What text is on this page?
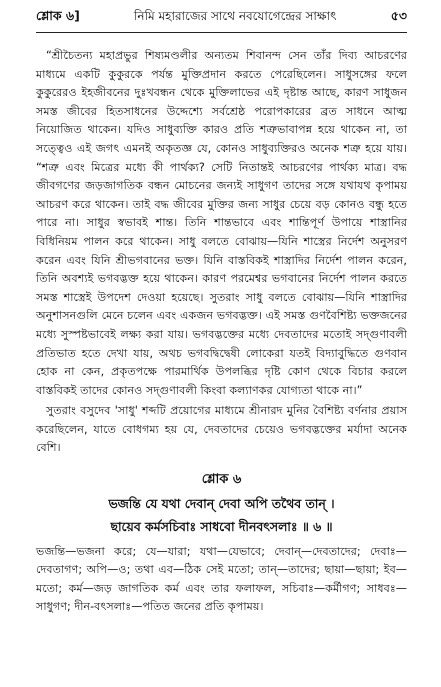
শ্লোক ৬]	নিমি মহারাজের সাথে নবযোগেন্দ্রের সাক্ষাৎ	৫৩
“শ্রীচৈতন্য মহাপ্রভুর শিষ্যমণ্ডলীর অন্যতম শিবানন্দ সেন তাঁর দিব্য আচরণের মাধ্যমে একটি কুকুরকে পর্যন্ত মুক্তিপ্রদান করতে পেরেছিলেন। সাধুসঙ্গের ফলে কুকুরেরও ইহজীবনের দুঃখবন্ধন থেকে মুক্তিলাভের এই দৃষ্টান্ত আছে, কারণ সাধুজন সমস্ত জীবের হিতসাধনের উদ্দেশ্যে সর্বশ্রেষ্ঠ পরোপকারের ব্রত সাধনে আত্ম নিয়োজিত থাকেন। যদিও সাধুব্যক্তি কারও প্রতি শত্রুভাবাপন্ন হয়ে থাকেন না, তা সত্ত্বেও এই জগৎ এমনই অকৃতজ্ঞ যে, কোনও সাধুব্যক্তিরও অনেক শত্রু হয়ে যায়। “শত্রু এবং মিত্রের মধ্যে কী পার্থক্য? সেটি নিতান্তই আচরণের পার্থক্য মাত্র। বদ্ধ জীবগণের জড়জাগতিক বন্ধন মোচনের জন্যই সাধুগণ তাদের সঙ্গে যথাযথ কৃপাময় আচরণ করে থাকেন। তাই বদ্ধ জীবের মুক্তির জন্য সাধুর চেয়ে বড় কোনও বন্ধু হতে পারে না। সাধুর স্বভাবই শান্ত। তিনি শান্তভাবে এবং শান্তিপূর্ণ উপায়ে শাস্ত্রানির বিধিনিয়ম পালন করে থাকেন। সাধু বলতে বোঝায়—যিনি শাস্ত্রের নির্দেশ অনুসরণ করেন এবং যিনি শ্রীভগবানের ভক্ত। যিনি বাস্তবিকই শাস্ত্রাদির নির্দেশ পালন করেন, তিনি অবশ্যই ভগবদ্ভক্ত হয়ে থাকেন। কারণ পরমেশ্বর ভগবানের নির্দেশ পালন করতে সমস্ত শাস্ত্রেই উপদেশ দেওয়া হয়েছে। সুতরাং সাধু বলতে বোঝায়—যিনি শাস্ত্রাদির অনুশাসনগুলি মেনে চলেন এবং একজন ভগবদ্ভক্ত। এই সমস্ত গুণবৈশিষ্ট্য ভক্তজনের মধ্যে সুস্পষ্টভাবেই লক্ষ্য করা যায়। ভগবদ্ভক্তের মধ্যে দেবতাদের মতোই সদ্গুণাবলী প্রতিভাত হতে দেখা যায়, অথচ ভগবদ্বিদ্বেষী লোকেরা যতই বিদ্যাবুদ্ধিতে গুণবান হোক না কেন, প্রকৃতপক্ষে পারমার্থিক উপলব্ধির দৃষ্টি কোণ থেকে বিচার করলে বাস্তবিকই তাদের কোনও সদ্গুণাবলী কিংবা কল্যাণকর যোগ্যতা থাকে না।”
সুতরাং বসুদেব 'সাধু' শব্দটি প্রয়োগের মাধ্যমে শ্রীনারদ মুনির বৈশিষ্ট্য বর্ণনার প্রয়াস করেছিলেন, যাতে বোধগম্য হয় যে, দেবতাদের চেয়েও ভগবদ্ভক্তের মর্যাদা অনেক বেশি।
শ্লোক ৬
ভজন্তি যে যথা দেবান্ দেবা অপি তথৈব তান্ ।
ছায়েব কর্মসচিবাঃ সাধবো দীনবৎসলাঃ ॥ ৬ ॥
ভজন্তি—ভজনা করে; যে—যারা; যথা—যেভাবে; দেবান্—দেবতাদের; দেবাঃ—দেবতাগণ; অপি—ও; তথা এব—ঠিক সেই মতো; তান্—তাদের; ছায়া—ছায়া; ইব—মতো; কর্ম—জড় জাগতিক কর্ম এবং তার ফলাফল, সচিবাঃ—কর্মীগণ; সাধবঃ—সাধুগণ; দীন-বৎসলাঃ—পতিত জনের প্রতি কৃপাময়।
